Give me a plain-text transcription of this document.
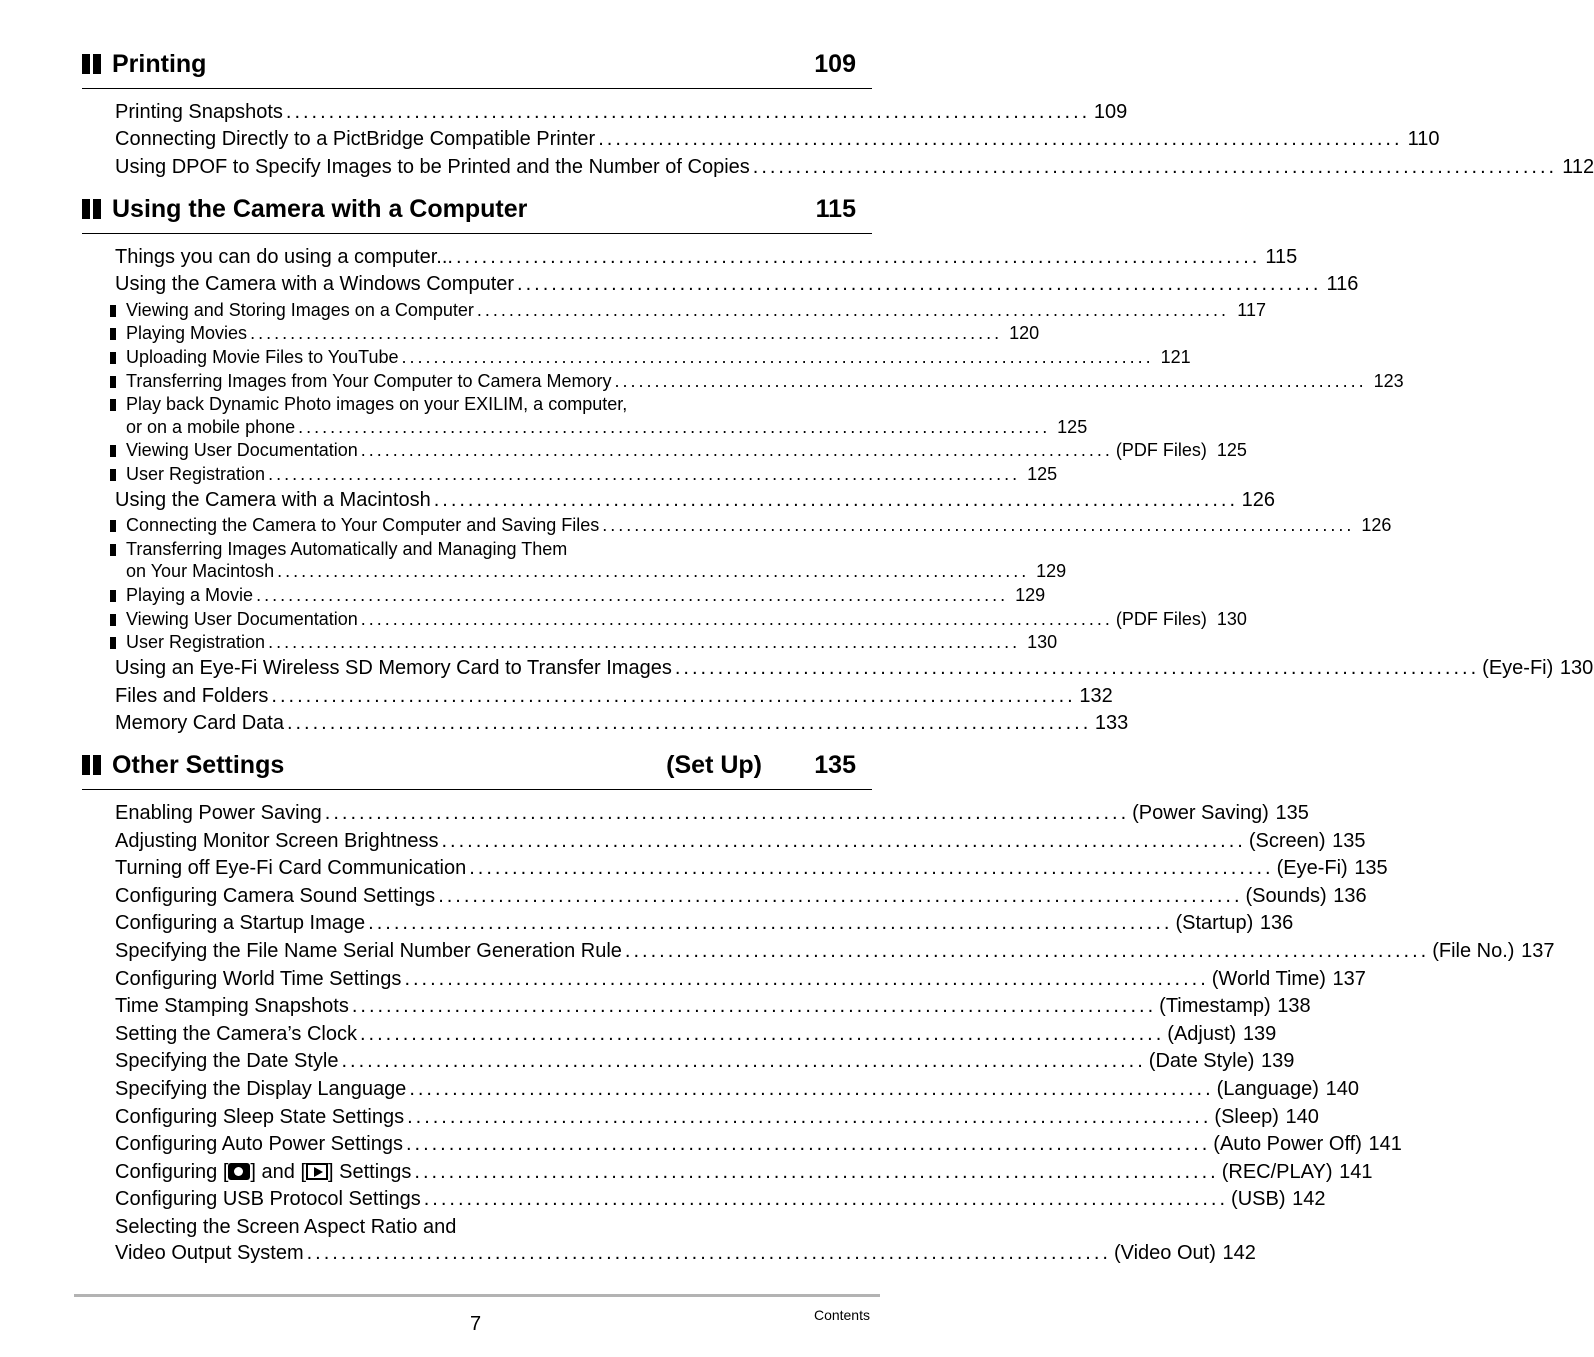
Printing	109
Printing Snapshots .............................................................................................. 109
Connecting Directly to a PictBridge Compatible Printer .............................................................................................. 110
Using DPOF to Specify Images to be Printed and the Number of Copies .............................................................................................. 112
Using the Camera with a Computer	115
Things you can do using a computer... .............................................................................................. 115
Using the Camera with a Windows Computer .............................................................................................. 116
Viewing and Storing Images on a Computer .............................................................................................. 117
Playing Movies .............................................................................................. 120
Uploading Movie Files to YouTube .............................................................................................. 121
Transferring Images from Your Computer to Camera Memory .............................................................................................. 123
Play back Dynamic Photo images on your EXILIM, a computer,
or on a mobile phone .............................................................................................. 125
Viewing User Documentation .............................................................................................. (PDF Files) 125
User Registration .............................................................................................. 125
Using the Camera with a Macintosh .............................................................................................. 126
Connecting the Camera to Your Computer and Saving Files .............................................................................................. 126
Transferring Images Automatically and Managing Them
on Your Macintosh .............................................................................................. 129
Playing a Movie .............................................................................................. 129
Viewing User Documentation .............................................................................................. (PDF Files) 130
User Registration .............................................................................................. 130
Using an Eye-Fi Wireless SD Memory Card to Transfer Images .............................................................................................. (Eye-Fi) 130
Files and Folders .............................................................................................. 132
Memory Card Data .............................................................................................. 133
Other Settings	(Set Up) 135
Enabling Power Saving .............................................................................................. (Power Saving) 135
Adjusting Monitor Screen Brightness .............................................................................................. (Screen) 135
Turning off Eye-Fi Card Communication .............................................................................................. (Eye-Fi) 135
Configuring Camera Sound Settings .............................................................................................. (Sounds) 136
Configuring a Startup Image .............................................................................................. (Startup) 136
Specifying the File Name Serial Number Generation Rule .............................................................................................. (File No.) 137
Configuring World Time Settings .............................................................................................. (World Time) 137
Time Stamping Snapshots .............................................................................................. (Timestamp) 138
Setting the Camera’s Clock .............................................................................................. (Adjust) 139
Specifying the Date Style .............................................................................................. (Date Style) 139
Specifying the Display Language .............................................................................................. (Language) 140
Configuring Sleep State Settings .............................................................................................. (Sleep) 140
Configuring Auto Power Settings .............................................................................................. (Auto Power Off) 141
Configuring [ ] and [ ] Settings .............................................................................................. (REC/PLAY) 141
Configuring USB Protocol Settings .............................................................................................. (USB) 142
Selecting the Screen Aspect Ratio and
Video Output System .............................................................................................. (Video Out) 142
7	Contents
